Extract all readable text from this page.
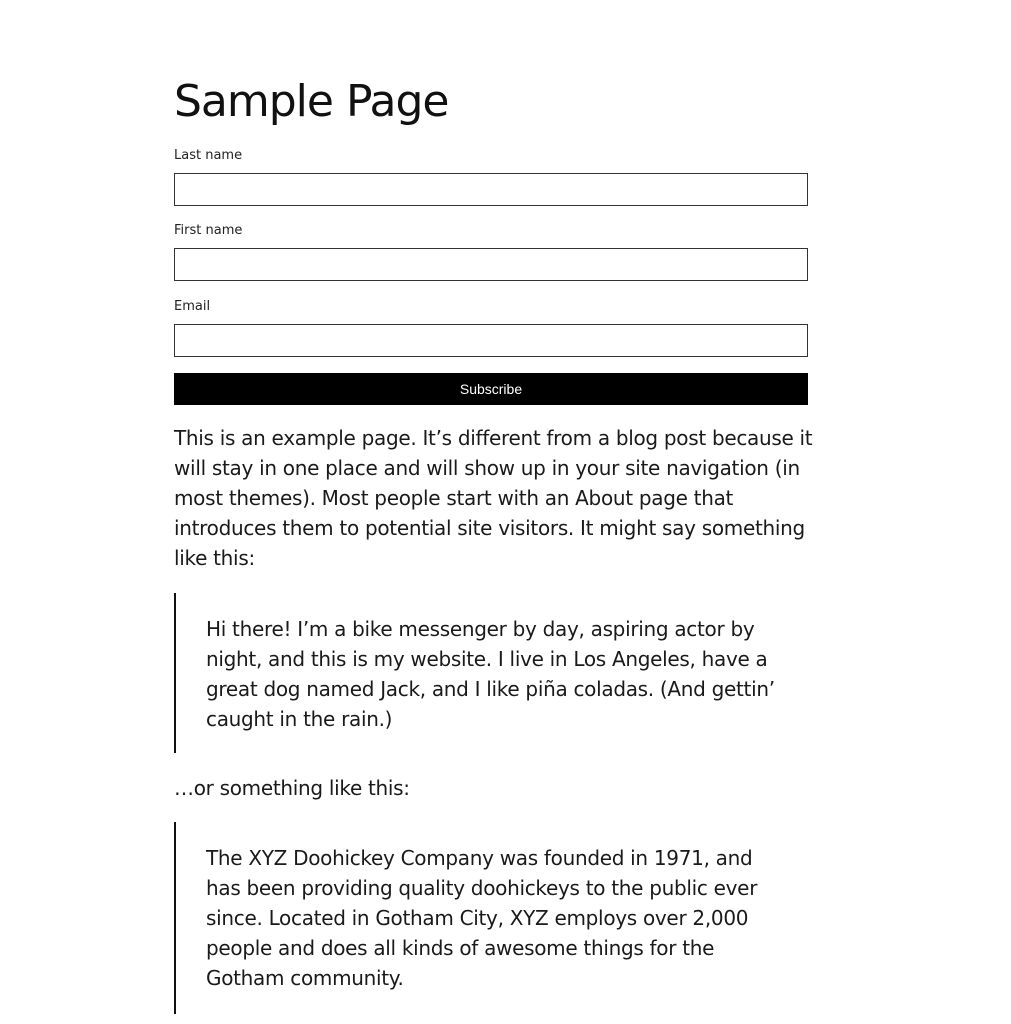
Sample Page
Last name
First name
Email
Subscribe

This is an example page. It’s different from a blog post because it will stay in one place and will show up in your site navigation (in most themes). Most people start with an About page that introduces them to potential site visitors. It might say something like this:

Hi there! I’m a bike messenger by day, aspiring actor by night, and this is my website. I live in Los Angeles, have a great dog named Jack, and I like piña coladas. (And gettin’ caught in the rain.)

…or something like this:

The XYZ Doohickey Company was founded in 1971, and has been providing quality doohickeys to the public ever since. Located in Gotham City, XYZ employs over 2,000 people and does all kinds of awesome things for the Gotham community.
